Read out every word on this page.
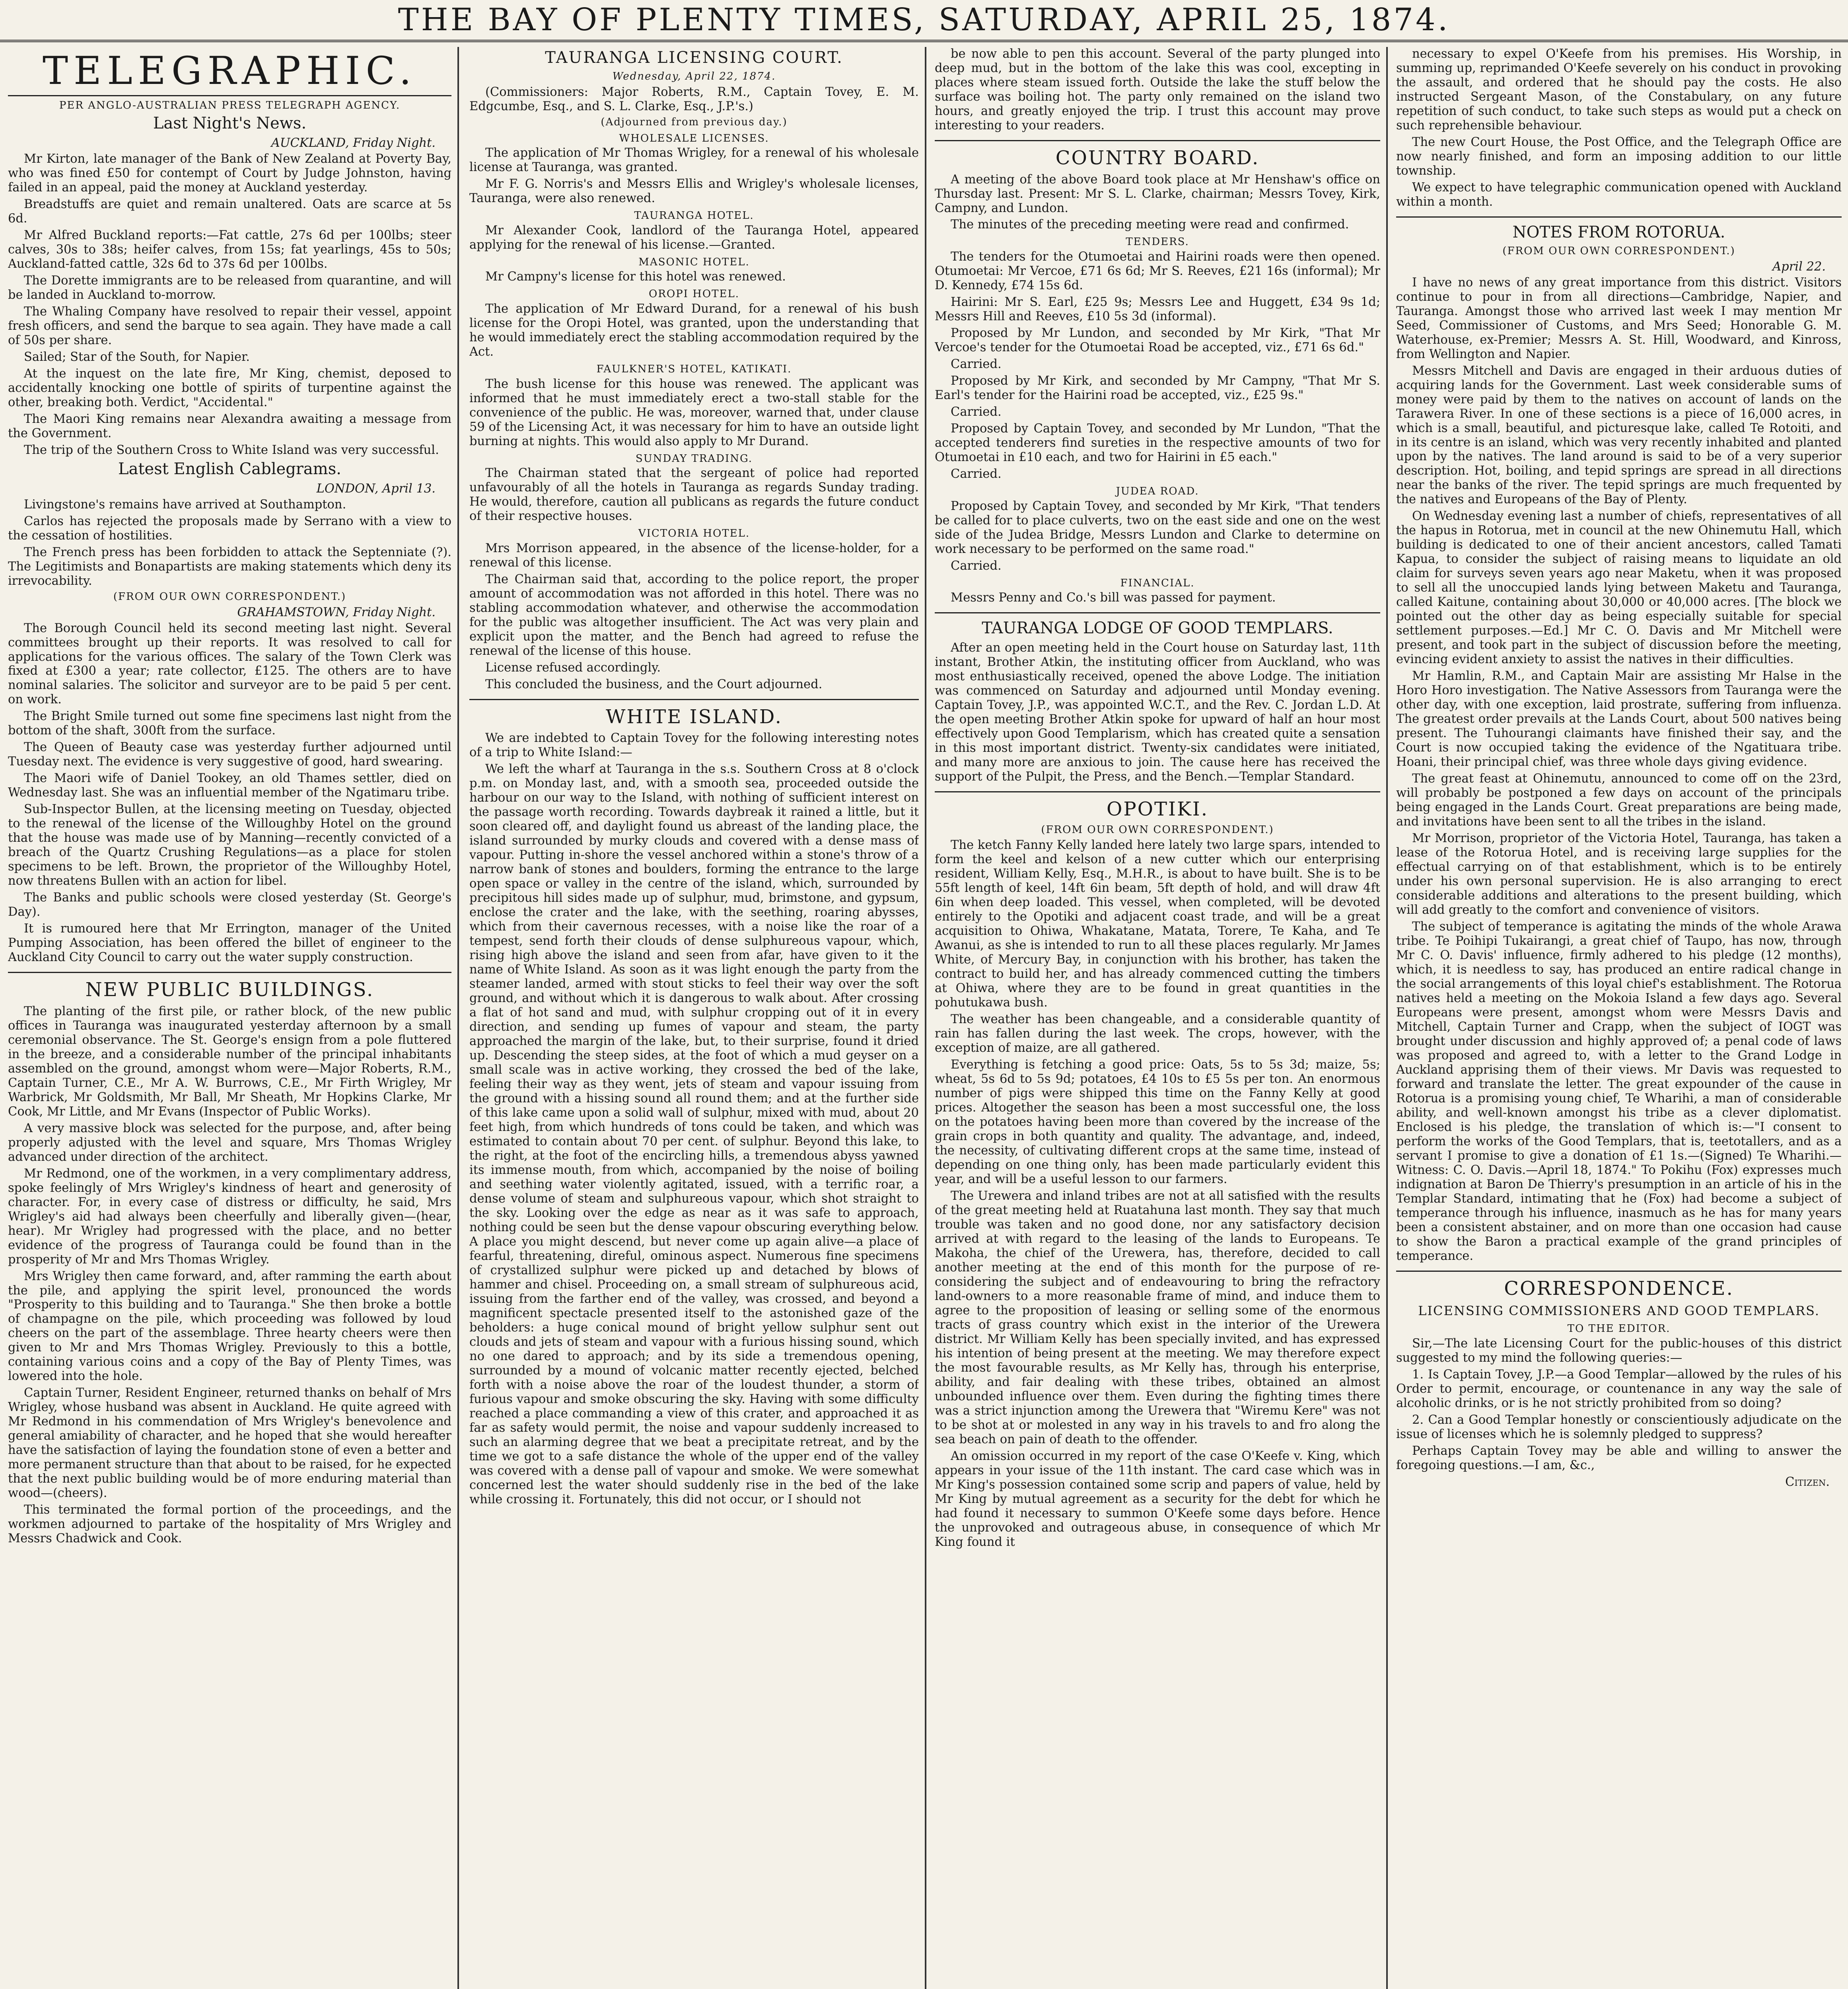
THE BAY OF PLENTY TIMES, SATURDAY, APRIL 25, 1874.
TELEGRAPHIC.
PER ANGLO-AUSTRALIAN PRESS TELEGRAPH AGENCY.
Last Night's News.
AUCKLAND, Friday Night.

Mr Kirton, late manager of the Bank of New Zealand at Poverty Bay, who was fined £50 for contempt of Court by Judge Johnston, having failed in an appeal, paid the money at Auckland yesterday.

Breadstuffs are quiet and remain unaltered. Oats are scarce at 5s 6d.

Mr Alfred Buckland reports:—Fat cattle, 27s 6d per 100lbs; steer calves, 30s to 38s; heifer calves, from 15s; fat yearlings, 45s to 50s; Auckland-fatted cattle, 32s 6d to 37s 6d per 100lbs.

The Dorette immigrants are to be released from quarantine, and will be landed in Auckland to-morrow.

The Whaling Company have resolved to repair their vessel, appoint fresh officers, and send the barque to sea again. They have made a call of 50s per share.

Sailed; Star of the South, for Napier.

At the inquest on the late fire, Mr King, chemist, deposed to accidentally knocking one bottle of spirits of turpentine against the other, breaking both. Verdict, "Accidental."

The Maori King remains near Alexandra awaiting a message from the Government.

The trip of the Southern Cross to White Island was very successful.

Latest English Cablegrams.
LONDON, April 13.

Livingstone's remains have arrived at Southampton.

Carlos has rejected the proposals made by Serrano with a view to the cessation of hostilities.

The French press has been forbidden to attack the Septenniate (?). The Legitimists and Bonapartists are making statements which deny its irrevocability.

(FROM OUR OWN CORRESPONDENT.)
GRAHAMSTOWN, Friday Night.

The Borough Council held its second meeting last night. Several committees brought up their reports. It was resolved to call for applications for the various offices. The salary of the Town Clerk was fixed at £300 a year; rate collector, £125. The others are to have nominal salaries. The solicitor and surveyor are to be paid 5 per cent. on work.

The Bright Smile turned out some fine specimens last night from the bottom of the shaft, 300ft from the surface.

The Queen of Beauty case was yesterday further adjourned until Tuesday next. The evidence is very suggestive of good, hard swearing.

The Maori wife of Daniel Tookey, an old Thames settler, died on Wednesday last. She was an influential member of the Ngatimaru tribe.

Sub-Inspector Bullen, at the licensing meeting on Tuesday, objected to the renewal of the license of the Willoughby Hotel on the ground that the house was made use of by Manning—recently convicted of a breach of the Quartz Crushing Regulations—as a place for stolen specimens to be left. Brown, the proprietor of the Willoughby Hotel, now threatens Bullen with an action for libel.

The Banks and public schools were closed yesterday (St. George's Day).

It is rumoured here that Mr Errington, manager of the United Pumping Association, has been offered the billet of engineer to the Auckland City Council to carry out the water supply construction.

NEW PUBLIC BUILDINGS.

The planting of the first pile, or rather block, of the new public offices in Tauranga was inaugurated yesterday afternoon by a small ceremonial observance. The St. George's ensign from a pole fluttered in the breeze, and a considerable number of the principal inhabitants assembled on the ground, amongst whom were—Major Roberts, R.M., Captain Turner, C.E., Mr A. W. Burrows, C.E., Mr Firth Wrigley, Mr Warbrick, Mr Goldsmith, Mr Ball, Mr Sheath, Mr Hopkins Clarke, Mr Cook, Mr Little, and Mr Evans (Inspector of Public Works).

A very massive block was selected for the purpose, and, after being properly adjusted with the level and square, Mrs Thomas Wrigley advanced under direction of the architect.

Mr Redmond, one of the workmen, in a very complimentary address, spoke feelingly of Mrs Wrigley's kindness of heart and generosity of character. For, in every case of distress or difficulty, he said, Mrs Wrigley's aid had always been cheerfully and liberally given—(hear, hear). Mr Wrigley had progressed with the place, and no better evidence of the progress of Tauranga could be found than in the prosperity of Mr and Mrs Thomas Wrigley.

Mrs Wrigley then came forward, and, after ramming the earth about the pile, and applying the spirit level, pronounced the words "Prosperity to this building and to Tauranga." She then broke a bottle of champagne on the pile, which proceeding was followed by loud cheers on the part of the assemblage. Three hearty cheers were then given to Mr and Mrs Thomas Wrigley. Previously to this a bottle, containing various coins and a copy of the Bay of Plenty Times, was lowered into the hole.

Captain Turner, Resident Engineer, returned thanks on behalf of Mrs Wrigley, whose husband was absent in Auckland. He quite agreed with Mr Redmond in his commendation of Mrs Wrigley's benevolence and general amiability of character, and he hoped that she would hereafter have the satisfaction of laying the foundation stone of even a better and more permanent structure than that about to be raised, for he expected that the next public building would be of more enduring material than wood—(cheers).

This terminated the formal portion of the proceedings, and the workmen adjourned to partake of the hospitality of Mrs Wrigley and Messrs Chadwick and Cook.

TAURANGA LICENSING COURT.
Wednesday, April 22, 1874.

(Commissioners: Major Roberts, R.M., Captain Tovey, E. M. Edgcumbe, Esq., and S. L. Clarke, Esq., J.P.'s.)

(Adjourned from previous day.)
WHOLESALE LICENSES.

The application of Mr Thomas Wrigley, for a renewal of his wholesale license at Tauranga, was granted.

Mr F. G. Norris's and Messrs Ellis and Wrigley's wholesale licenses, Tauranga, were also renewed.

TAURANGA HOTEL.

Mr Alexander Cook, landlord of the Tauranga Hotel, appeared applying for the renewal of his license.—Granted.

MASONIC HOTEL.

Mr Campny's license for this hotel was renewed.

OROPI HOTEL.

The application of Mr Edward Durand, for a renewal of his bush license for the Oropi Hotel, was granted, upon the understanding that he would immediately erect the stabling accommodation required by the Act.

FAULKNER'S HOTEL, KATIKATI.

The bush license for this house was renewed. The applicant was informed that he must immediately erect a two-stall stable for the convenience of the public. He was, moreover, warned that, under clause 59 of the Licensing Act, it was necessary for him to have an outside light burning at nights. This would also apply to Mr Durand.

SUNDAY TRADING.

The Chairman stated that the sergeant of police had reported unfavourably of all the hotels in Tauranga as regards Sunday trading. He would, therefore, caution all publicans as regards the future conduct of their respective houses.

VICTORIA HOTEL.

Mrs Morrison appeared, in the absence of the license-holder, for a renewal of this license.

The Chairman said that, according to the police report, the proper amount of accommodation was not afforded in this hotel. There was no stabling accommodation whatever, and otherwise the accommodation for the public was altogether insufficient. The Act was very plain and explicit upon the matter, and the Bench had agreed to refuse the renewal of the license of this house.

License refused accordingly.

This concluded the business, and the Court adjourned.

WHITE ISLAND.

We are indebted to Captain Tovey for the following interesting notes of a trip to White Island:—

We left the wharf at Tauranga in the s.s. Southern Cross at 8 o'clock p.m. on Monday last, and, with a smooth sea, proceeded outside the harbour on our way to the Island, with nothing of sufficient interest on the passage worth recording. Towards daybreak it rained a little, but it soon cleared off, and daylight found us abreast of the landing place, the island surrounded by murky clouds and covered with a dense mass of vapour. Putting in-shore the vessel anchored within a stone's throw of a narrow bank of stones and boulders, forming the entrance to the large open space or valley in the centre of the island, which, surrounded by precipitous hill sides made up of sulphur, mud, brimstone, and gypsum, enclose the crater and the lake, with the seething, roaring abysses, which from their cavernous recesses, with a noise like the roar of a tempest, send forth their clouds of dense sulphureous vapour, which, rising high above the island and seen from afar, have given to it the name of White Island. As soon as it was light enough the party from the steamer landed, armed with stout sticks to feel their way over the soft ground, and without which it is dangerous to walk about. After crossing a flat of hot sand and mud, with sulphur cropping out of it in every direction, and sending up fumes of vapour and steam, the party approached the margin of the lake, but, to their surprise, found it dried up. Descending the steep sides, at the foot of which a mud geyser on a small scale was in active working, they crossed the bed of the lake, feeling their way as they went, jets of steam and vapour issuing from the ground with a hissing sound all round them; and at the further side of this lake came upon a solid wall of sulphur, mixed with mud, about 20 feet high, from which hundreds of tons could be taken, and which was estimated to contain about 70 per cent. of sulphur. Beyond this lake, to the right, at the foot of the encircling hills, a tremendous abyss yawned its immense mouth, from which, accompanied by the noise of boiling and seething water violently agitated, issued, with a terrific roar, a dense volume of steam and sulphureous vapour, which shot straight to the sky. Looking over the edge as near as it was safe to approach, nothing could be seen but the dense vapour obscuring everything below. A place you might descend, but never come up again alive—a place of fearful, threatening, direful, ominous aspect. Numerous fine specimens of crystallized sulphur were picked up and detached by blows of hammer and chisel. Proceeding on, a small stream of sulphureous acid, issuing from the farther end of the valley, was crossed, and beyond a magnificent spectacle presented itself to the astonished gaze of the beholders: a huge conical mound of bright yellow sulphur sent out clouds and jets of steam and vapour with a furious hissing sound, which no one dared to approach; and by its side a tremendous opening, surrounded by a mound of volcanic matter recently ejected, belched forth with a noise above the roar of the loudest thunder, a storm of furious vapour and smoke obscuring the sky. Having with some difficulty reached a place commanding a view of this crater, and approached it as far as safety would permit, the noise and vapour suddenly increased to such an alarming degree that we beat a precipitate retreat, and by the time we got to a safe distance the whole of the upper end of the valley was covered with a dense pall of vapour and smoke. We were somewhat concerned lest the water should suddenly rise in the bed of the lake while crossing it. Fortunately, this did not occur, or I should not

be now able to pen this account. Several of the party plunged into deep mud, but in the bottom of the lake this was cool, excepting in places where steam issued forth. Outside the lake the stuff below the surface was boiling hot. The party only remained on the island two hours, and greatly enjoyed the trip. I trust this account may prove interesting to your readers.

COUNTRY BOARD.

A meeting of the above Board took place at Mr Henshaw's office on Thursday last. Present: Mr S. L. Clarke, chairman; Messrs Tovey, Kirk, Campny, and Lundon.

The minutes of the preceding meeting were read and confirmed.

TENDERS.

The tenders for the Otumoetai and Hairini roads were then opened. Otumoetai: Mr Vercoe, £71 6s 6d; Mr S. Reeves, £21 16s (informal); Mr D. Kennedy, £74 15s 6d.

Hairini: Mr S. Earl, £25 9s; Messrs Lee and Huggett, £34 9s 1d; Messrs Hill and Reeves, £10 5s 3d (informal).

Proposed by Mr Lundon, and seconded by Mr Kirk, "That Mr Vercoe's tender for the Otumoetai Road be accepted, viz., £71 6s 6d."

Carried.

Proposed by Mr Kirk, and seconded by Mr Campny, "That Mr S. Earl's tender for the Hairini road be accepted, viz., £25 9s."

Carried.

Proposed by Captain Tovey, and seconded by Mr Lundon, "That the accepted tenderers find sureties in the respective amounts of two for Otumoetai in £10 each, and two for Hairini in £5 each."

Carried.

JUDEA ROAD.

Proposed by Captain Tovey, and seconded by Mr Kirk, "That tenders be called for to place culverts, two on the east side and one on the west side of the Judea Bridge, Messrs Lundon and Clarke to determine on work necessary to be performed on the same road."

Carried.

FINANCIAL.

Messrs Penny and Co.'s bill was passed for payment.

TAURANGA LODGE OF GOOD TEMPLARS.

After an open meeting held in the Court house on Saturday last, 11th instant, Brother Atkin, the instituting officer from Auckland, who was most enthusiastically received, opened the above Lodge. The initiation was commenced on Saturday and adjourned until Monday evening. Captain Tovey, J.P., was appointed W.C.T., and the Rev. C. Jordan L.D. At the open meeting Brother Atkin spoke for upward of half an hour most effectively upon Good Templarism, which has created quite a sensation in this most important district. Twenty-six candidates were initiated, and many more are anxious to join. The cause here has received the support of the Pulpit, the Press, and the Bench.—Templar Standard.

OPOTIKI.
(FROM OUR OWN CORRESPONDENT.)

The ketch Fanny Kelly landed here lately two large spars, intended to form the keel and kelson of a new cutter which our enterprising resident, William Kelly, Esq., M.H.R., is about to have built. She is to be 55ft length of keel, 14ft 6in beam, 5ft depth of hold, and will draw 4ft 6in when deep loaded. This vessel, when completed, will be devoted entirely to the Opotiki and adjacent coast trade, and will be a great acquisition to Ohiwa, Whakatane, Matata, Torere, Te Kaha, and Te Awanui, as she is intended to run to all these places regularly. Mr James White, of Mercury Bay, in conjunction with his brother, has taken the contract to build her, and has already commenced cutting the timbers at Ohiwa, where they are to be found in great quantities in the pohutukawa bush.

The weather has been changeable, and a considerable quantity of rain has fallen during the last week. The crops, however, with the exception of maize, are all gathered.

Everything is fetching a good price: Oats, 5s to 5s 3d; maize, 5s; wheat, 5s 6d to 5s 9d; potatoes, £4 10s to £5 5s per ton. An enormous number of pigs were shipped this time on the Fanny Kelly at good prices. Altogether the season has been a most successful one, the loss on the potatoes having been more than covered by the increase of the grain crops in both quantity and quality. The advantage, and, indeed, the necessity, of cultivating different crops at the same time, instead of depending on one thing only, has been made particularly evident this year, and will be a useful lesson to our farmers.

The Urewera and inland tribes are not at all satisfied with the results of the great meeting held at Ruatahuna last month. They say that much trouble was taken and no good done, nor any satisfactory decision arrived at with regard to the leasing of the lands to Europeans. Te Makoha, the chief of the Urewera, has, therefore, decided to call another meeting at the end of this month for the purpose of re-considering the subject and of endeavouring to bring the refractory land-owners to a more reasonable frame of mind, and induce them to agree to the proposition of leasing or selling some of the enormous tracts of grass country which exist in the interior of the Urewera district. Mr William Kelly has been specially invited, and has expressed his intention of being present at the meeting. We may therefore expect the most favourable results, as Mr Kelly has, through his enterprise, ability, and fair dealing with these tribes, obtained an almost unbounded influence over them. Even during the fighting times there was a strict injunction among the Urewera that "Wiremu Kere" was not to be shot at or molested in any way in his travels to and fro along the sea beach on pain of death to the offender.

An omission occurred in my report of the case O'Keefe v. King, which appears in your issue of the 11th instant. The card case which was in Mr King's possession contained some scrip and papers of value, held by Mr King by mutual agreement as a security for the debt for which he had found it necessary to summon O'Keefe some days before. Hence the unprovoked and outrageous abuse, in consequence of which Mr King found it

necessary to expel O'Keefe from his premises. His Worship, in summing up, reprimanded O'Keefe severely on his conduct in provoking the assault, and ordered that he should pay the costs. He also instructed Sergeant Mason, of the Constabulary, on any future repetition of such conduct, to take such steps as would put a check on such reprehensible behaviour.

The new Court House, the Post Office, and the Telegraph Office are now nearly finished, and form an imposing addition to our little township.

We expect to have telegraphic communication opened with Auckland within a month.

NOTES FROM ROTORUA.
(FROM OUR OWN CORRESPONDENT.)
April 22.

I have no news of any great importance from this district. Visitors continue to pour in from all directions—Cambridge, Napier, and Tauranga. Amongst those who arrived last week I may mention Mr Seed, Commissioner of Customs, and Mrs Seed; Honorable G. M. Waterhouse, ex-Premier; Messrs A. St. Hill, Woodward, and Kinross, from Wellington and Napier.

Messrs Mitchell and Davis are engaged in their arduous duties of acquiring lands for the Government. Last week considerable sums of money were paid by them to the natives on account of lands on the Tarawera River. In one of these sections is a piece of 16,000 acres, in which is a small, beautiful, and picturesque lake, called Te Rotoiti, and in its centre is an island, which was very recently inhabited and planted upon by the natives. The land around is said to be of a very superior description. Hot, boiling, and tepid springs are spread in all directions near the banks of the river. The tepid springs are much frequented by the natives and Europeans of the Bay of Plenty.

On Wednesday evening last a number of chiefs, representatives of all the hapus in Rotorua, met in council at the new Ohinemutu Hall, which building is dedicated to one of their ancient ancestors, called Tamati Kapua, to consider the subject of raising means to liquidate an old claim for surveys seven years ago near Maketu, when it was proposed to sell all the unoccupied lands lying between Maketu and Tauranga, called Kaitune, containing about 30,000 or 40,000 acres. [The block we pointed out the other day as being especially suitable for special settlement purposes.—Ed.] Mr C. O. Davis and Mr Mitchell were present, and took part in the subject of discussion before the meeting, evincing evident anxiety to assist the natives in their difficulties.

Mr Hamlin, R.M., and Captain Mair are assisting Mr Halse in the Horo Horo investigation. The Native Assessors from Tauranga were the other day, with one exception, laid prostrate, suffering from influenza. The greatest order prevails at the Lands Court, about 500 natives being present. The Tuhourangi claimants have finished their say, and the Court is now occupied taking the evidence of the Ngatituara tribe. Hoani, their principal chief, was three whole days giving evidence.

The great feast at Ohinemutu, announced to come off on the 23rd, will probably be postponed a few days on account of the principals being engaged in the Lands Court. Great preparations are being made, and invitations have been sent to all the tribes in the island.

Mr Morrison, proprietor of the Victoria Hotel, Tauranga, has taken a lease of the Rotorua Hotel, and is receiving large supplies for the effectual carrying on of that establishment, which is to be entirely under his own personal supervision. He is also arranging to erect considerable additions and alterations to the present building, which will add greatly to the comfort and convenience of visitors.

The subject of temperance is agitating the minds of the whole Arawa tribe. Te Poihipi Tukairangi, a great chief of Taupo, has now, through Mr C. O. Davis' influence, firmly adhered to his pledge (12 months), which, it is needless to say, has produced an entire radical change in the social arrangements of this loyal chief's establishment. The Rotorua natives held a meeting on the Mokoia Island a few days ago. Several Europeans were present, amongst whom were Messrs Davis and Mitchell, Captain Turner and Crapp, when the subject of IOGT was brought under discussion and highly approved of; a penal code of laws was proposed and agreed to, with a letter to the Grand Lodge in Auckland apprising them of their views. Mr Davis was requested to forward and translate the letter. The great expounder of the cause in Rotorua is a promising young chief, Te Wharihi, a man of considerable ability, and well-known amongst his tribe as a clever diplomatist. Enclosed is his pledge, the translation of which is:—"I consent to perform the works of the Good Templars, that is, teetotallers, and as a servant I promise to give a donation of £1 1s.—(Signed) Te Wharihi.—Witness: C. O. Davis.—April 18, 1874." To Pokihu (Fox) expresses much indignation at Baron De Thierry's presumption in an article of his in the Templar Standard, intimating that he (Fox) had become a subject of temperance through his influence, inasmuch as he has for many years been a consistent abstainer, and on more than one occasion had cause to show the Baron a practical example of the grand principles of temperance.

CORRESPONDENCE.
LICENSING COMMISSIONERS AND GOOD TEMPLARS.
TO THE EDITOR.

Sir,—The late Licensing Court for the public-houses of this district suggested to my mind the following queries:—

1. Is Captain Tovey, J.P.—a Good Templar—allowed by the rules of his Order to permit, encourage, or countenance in any way the sale of alcoholic drinks, or is he not strictly prohibited from so doing?

2. Can a Good Templar honestly or conscientiously adjudicate on the issue of licenses which he is solemnly pledged to suppress?

Perhaps Captain Tovey may be able and willing to answer the foregoing questions.—I am, &c.,

Citizen.
